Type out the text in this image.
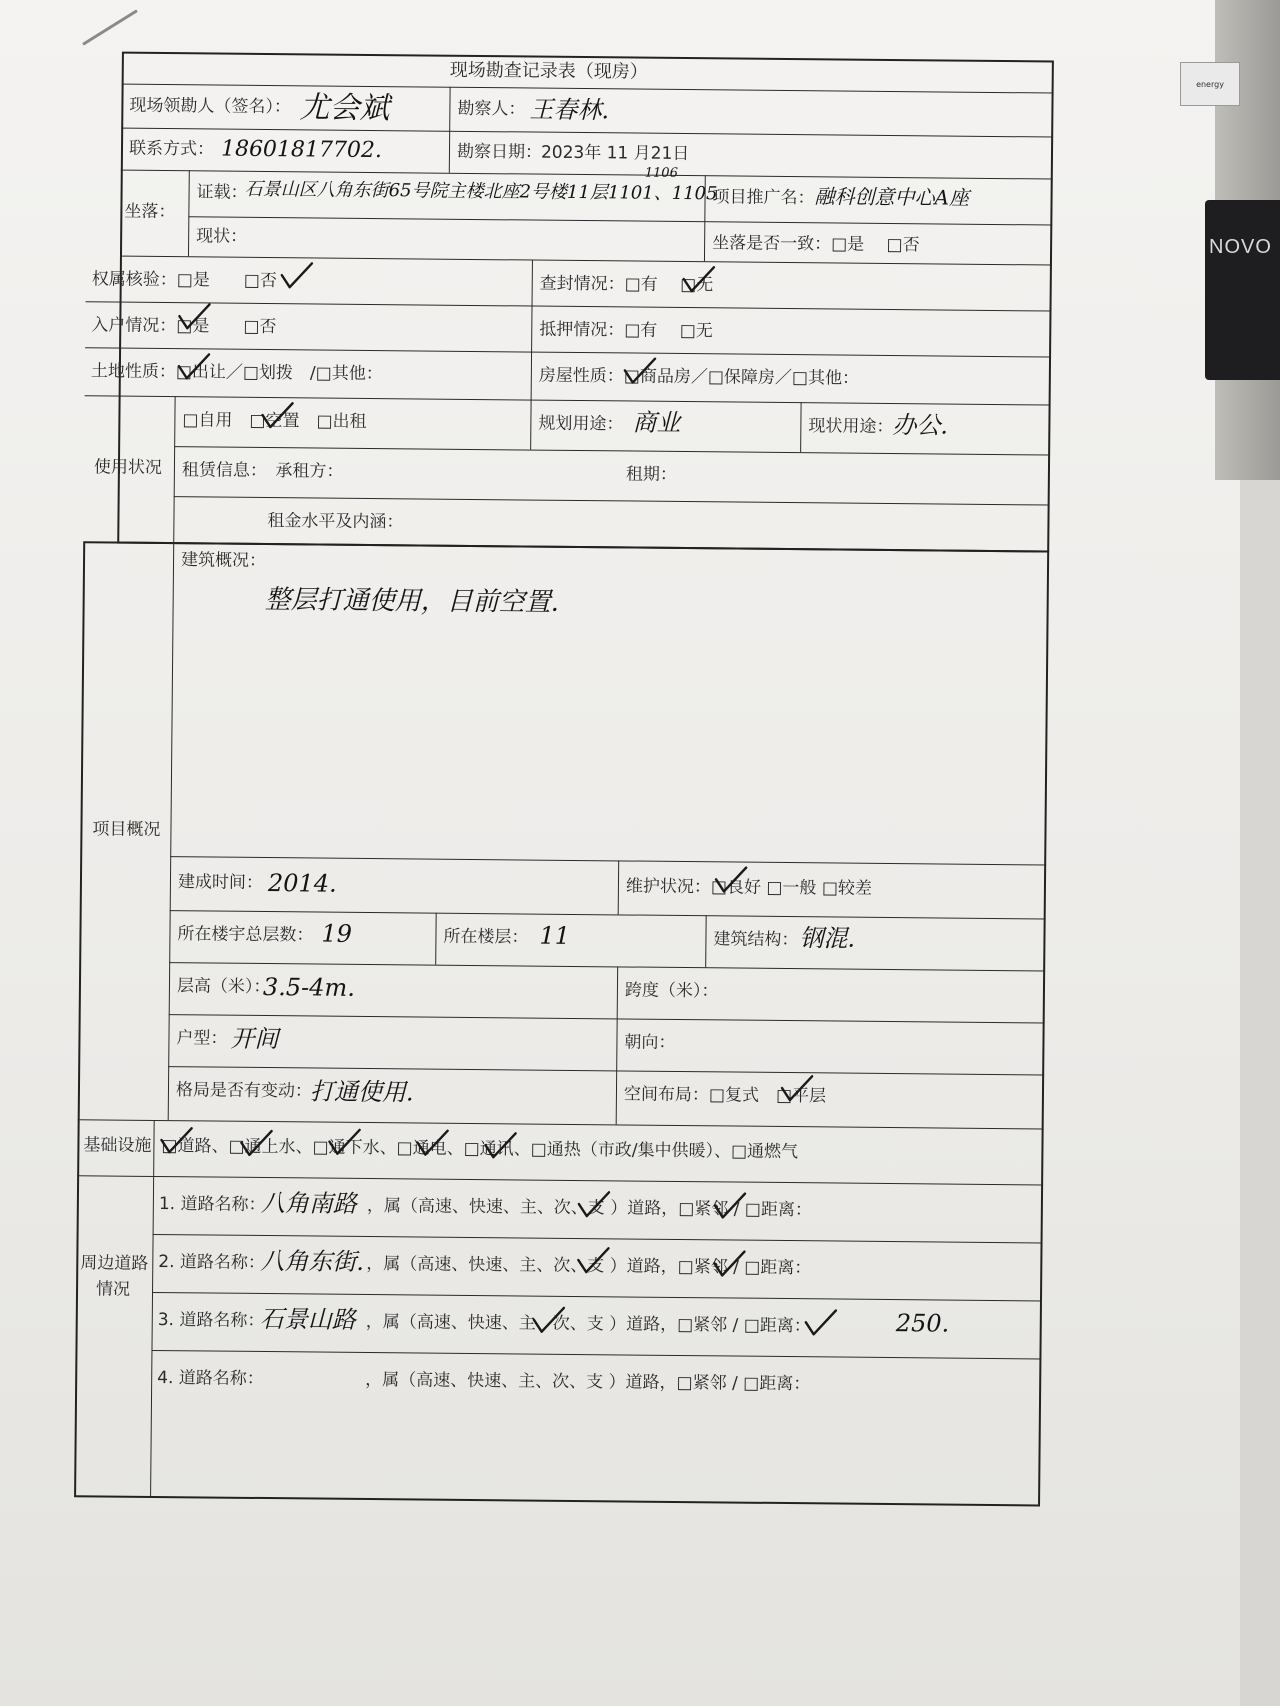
energy
NOVO
现场勘查记录表（现房）
现场领勘人（签名）： 尤会斌	勘察人： 王春林.
联系方式： 18601817702.	勘察日期：
2023年 11 月21日
坐落：
证载：
石景山区八角东街65号院主楼北座2号楼11层1101、1105
1106
项目推广名： 融科创意中心A座
现状：	坐落是否一致：□是　 □否
权属核验：□是　　□否	查封情况：□有　 □无
入户情况：□是　　□否	抵押情况：□有　 □无
土地性质：□出让／□划拨　/□其他：	房屋性质：□商品房／□保障房／□其他：
使用状况
□自用　□空置　□出租	规划用途： 商业	现状用途：
办公.
租赁信息：　承租方：	租期：
租金水平及内涵：
项目概况
建筑概况：
整层打通使用，目前空置.
建成时间： 2014.	维护状况：□良好 □一般 □较差
所在楼宇总层数： 19	所在楼层： 11	建筑结构： 钢混.
层高（米）：
3.5-4m.	跨度（米）：
户型： 开间	朝向：
格局是否有变动：
打通使用.	空间布局：□复式　□平层
基础设施 □道路、□通上水、□通下水、□通电、□通讯、□通热（市政/集中供暖）、□通燃气
周边道路
情况
1. 道路名称：
八角南路 ，属（高速、快速、主、次、支 ）道路，□紧邻 / □距离：
2. 道路名称：
八角东街. ，属（高速、快速、主、次、支 ）道路，□紧邻 / □距离：
3. 道路名称：
石景山路 ，属（高速、快速、主、次、支 ）道路，□紧邻 / □距离：	250.
4. 道路名称：	，属（高速、快速、主、次、支 ）道路，□紧邻 / □距离：
